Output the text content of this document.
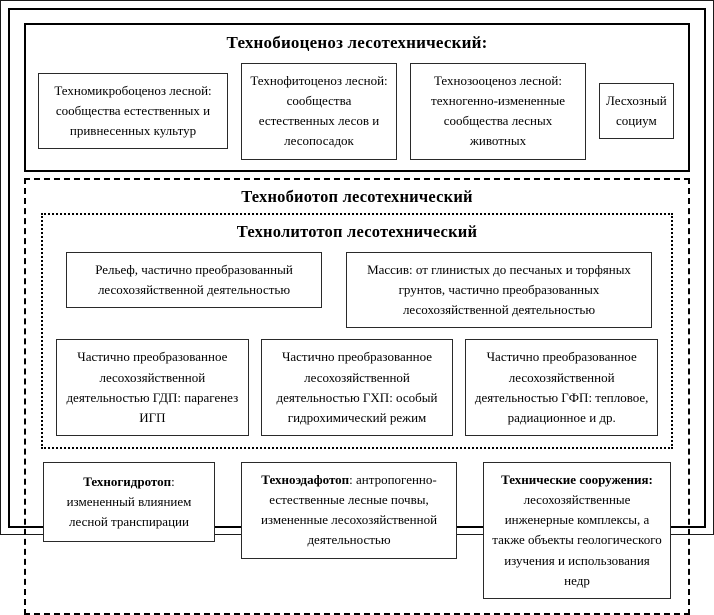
Технобиоценоз лесотехнический:
Техномикробоценоз лесной: сообщества естественных и привнесенных культур
Технофитоценоз лесной: сообщества естественных лесов и лесопосадок
Технозооценоз лесной: техногенно-измененные сообщества лесных животных
Лесхозный социум
Технобиотоп лесотехнический
Технолитотоп лесотехнический
Рельеф, частично преобразованный лесохозяйственной деятельностью
Массив: от глинистых до песчаных и торфяных грунтов, частично преобразованных лесохозяйственной деятельностью
Частично преобразованное лесохозяйственной деятельностью ГДП: парагенез ИГП
Частично преобразованное лесохозяйственной деятельностью ГХП: особый гидрохимический режим
Частично преобразованное лесохозяйственной деятельностью ГФП: тепловое, радиационное и др.
Техногидротоп: измененный влиянием лесной транспирации
Техноэдафотоп: антропогенно-естественные лесные почвы, измененные лесохозяйственной деятельностью
Технические сооружения: лесохозяйственные инженерные комплексы, а также объекты геологического изучения и использования недр
